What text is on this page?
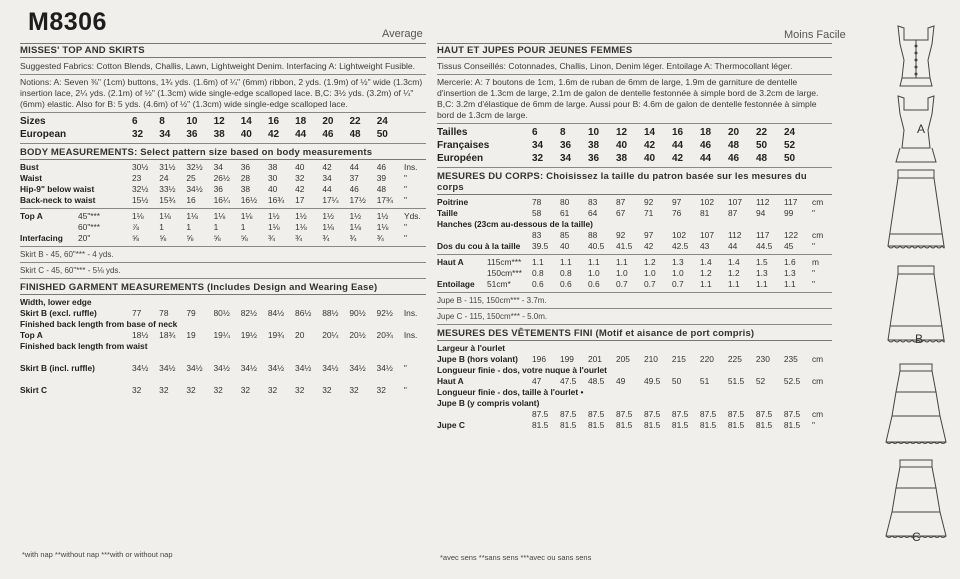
M8306	Average	Moins Facile
MISSES' TOP AND SKIRTS

Suggested Fabrics: Cotton Blends, Challis, Lawn, Lightweight Denim. Interfacing A: Lightweight Fusible.

Notions: A: Seven ⅜" (1cm) buttons, 1¾ yds. (1.6m) of ¼" (6mm) ribbon, 2 yds. (1.9m) of ½" wide (1.3cm) insertion lace, 2¼ yds. (2.1m) of ½" (1.3cm) wide single-edge scalloped lace. B,C: 3½ yds. (3.2m) of ¼" (6mm) elastic. Also for B: 5 yds. (4.6m) of ½" (1.3cm) wide single-edge scalloped lace.

Sizes	6	8	10	12	14	16	18	20	22	24	
European	32	34	36	38	40	42	44	46	48	50	
BODY MEASUREMENTS: Select pattern size based on body measurements
Bust	30½	31½	32½	34	36	38	40	42	44	46	Ins.
Waist	23	24	25	26½	28	30	32	34	37	39	"
Hip-9" below waist	32½	33½	34½	36	38	40	42	44	46	48	"
Back-neck to waist	15½	15¾	16	16¼	16½	16¾	17	17¼	17½	17¾	"
Top A	45"***	1⅛	1⅛	1⅛	1⅛	1⅛	1½	1½	1½	1½	1½	Yds.
	60"***	⅞	1	1	1	1	1⅛	1⅛	1⅛	1⅛	1⅛	"
Interfacing	20"	⅝	⅝	⅝	⅝	⅝	¾	¾	¾	¾	¾	"

Skirt B - 45, 60"*** - 4 yds.

Skirt C - 45, 60"*** - 5⅛ yds.

FINISHED GARMENT MEASUREMENTS (Includes Design and Wearing Ease)
Width, lower edge											
Skirt B (excl. ruffle)	77	78	79	80½	82½	84½	86½	88½	90½	92½	Ins.
Finished back length from base of neck											
Top A	18½	18¾	19	19¼	19½	19¾	20	20¼	20½	20¾	Ins.
Finished back length from waist											

Skirt B (incl. ruffle)	34½	34½	34½	34½	34½	34½	34½	34½	34½	34½	"

Skirt C	32	32	32	32	32	32	32	32	32	32	"
*with nap **without nap ***with or without nap
HAUT ET JUPES POUR JEUNES FEMMES

Tissus Conseillés: Cotonnades, Challis, Linon, Denim léger. Entoilage A: Thermocollant léger.

Mercerie: A: 7 boutons de 1cm, 1.6m de ruban de 6mm de large, 1.9m de garniture de dentelle d'insertion de 1.3cm de large, 2.1m de galon de dentelle festonnée à simple bord de 3.2cm de large. B,C: 3.2m d'élastique de 6mm de large. Aussi pour B: 4.6m de galon de dentelle festonnée à simple bord de 1.3cm de large.

Tailles	6	8	10	12	14	16	18	20	22	24	
Françaises	34	36	38	40	42	44	46	48	50	52	
Européen	32	34	36	38	40	42	44	46	48	50	
MESURES DU CORPS: Choisissez la taille du patron basée sur les mesures du corps
Poitrine	78	80	83	87	92	97	102	107	112	117	cm
Taille	58	61	64	67	71	76	81	87	94	99	"
Hanches (23cm au-dessous de la taille)											
	83	85	88	92	97	102	107	112	117	122	cm
Dos du cou à la taille	39.5	40	40.5	41.5	42	42.5	43	44	44.5	45	"
Haut A	115cm***	1.1	1.1	1.1	1.1	1.2	1.3	1.4	1.4	1.5	1.6	m
	150cm***	0.8	0.8	1.0	1.0	1.0	1.0	1.2	1.2	1.3	1.3	"
Entoilage	51cm*	0.6	0.6	0.6	0.7	0.7	0.7	1.1	1.1	1.1	1.1	"

Jupe B - 115, 150cm*** - 3.7m.

Jupe C - 115, 150cm*** - 5.0m.

MESURES DES VÊTEMENTS FINI (Motif et aisance de port compris)
Largeur à l'ourlet											
Jupe B (hors volant)	196	199	201	205	210	215	220	225	230	235	cm
Longueur finie - dos, votre nuque à l'ourlet											
Haut A	47	47.5	48.5	49	49.5	50	51	51.5	52	52.5	cm
Longueur finie - dos, taille à l'ourlet •											
Jupe B (y compris volant)											
	87.5	87.5	87.5	87.5	87.5	87.5	87.5	87.5	87.5	87.5	cm
Jupe C	81.5	81.5	81.5	81.5	81.5	81.5	81.5	81.5	81.5	81.5	"
*avec sens **sans sens ***avec ou sans sens
A
B
C
